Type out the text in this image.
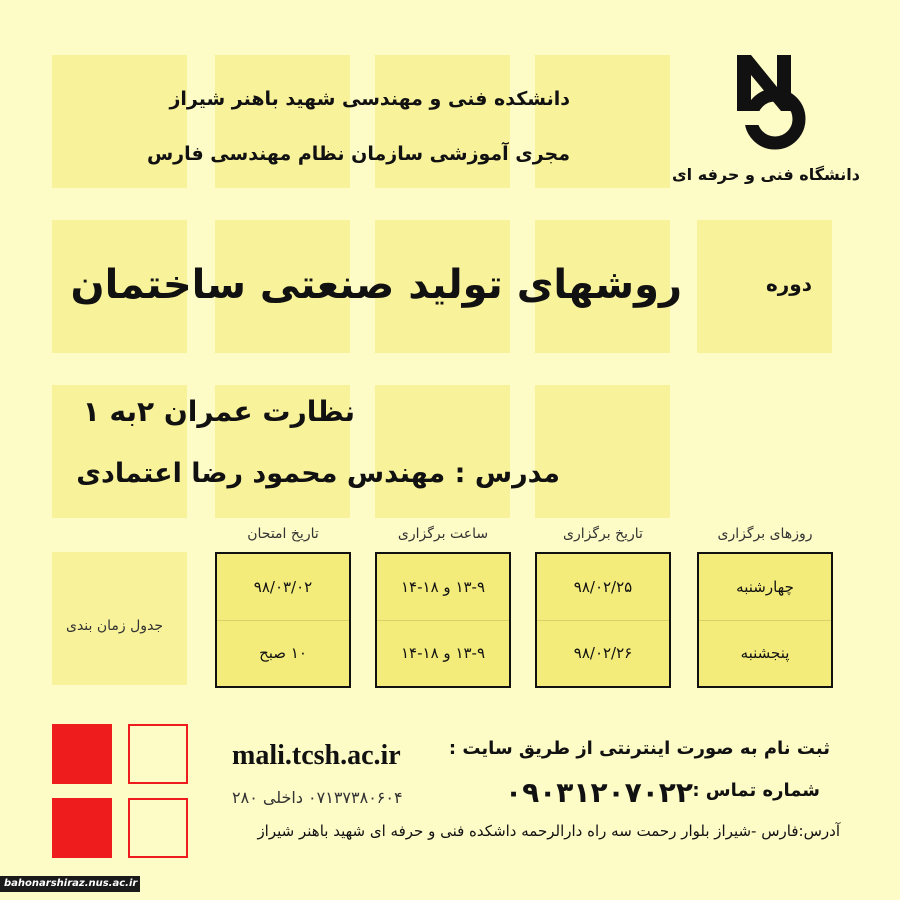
دانشکده فنی و مهندسی شهید باهنر شیراز
مجری آموزشی سازمان نظام مهندسی فارس
دانشگاه فنی و حرفه ای
دوره
روشهای تولید صنعتی ساختمان
نظارت عمران ۲به ۱
مدرس : مهندس محمود رضا اعتمادی
روزهای برگزاری
تاریخ برگزاری
ساعت برگزاری
تاریخ امتحان
چهارشنبه
پنجشنبه
۹۸/۰۲/۲۵
۹۸/۰۲/۲۶
۱۳-۹ و ۱۸-۱۴
۱۳-۹ و ۱۸-۱۴
۹۸/۰۳/۰۲
۱۰ صبح
جدول زمان بندی
ثبت نام به صورت اینترنتی از طریق سایت :
mali.tcsh.ac.ir
شماره تماس :
۰۹۰۳۱۲۰۷۰۲۲
۰۷۱۳۷۳۸۰۶۰۴ داخلی ۲۸۰
آدرس:فارس -شیراز بلوار رحمت سه راه دارالرحمه داشکده فنی و حرفه ای شهید باهنر شیراز
bahonarshiraz.nus.ac.ir
